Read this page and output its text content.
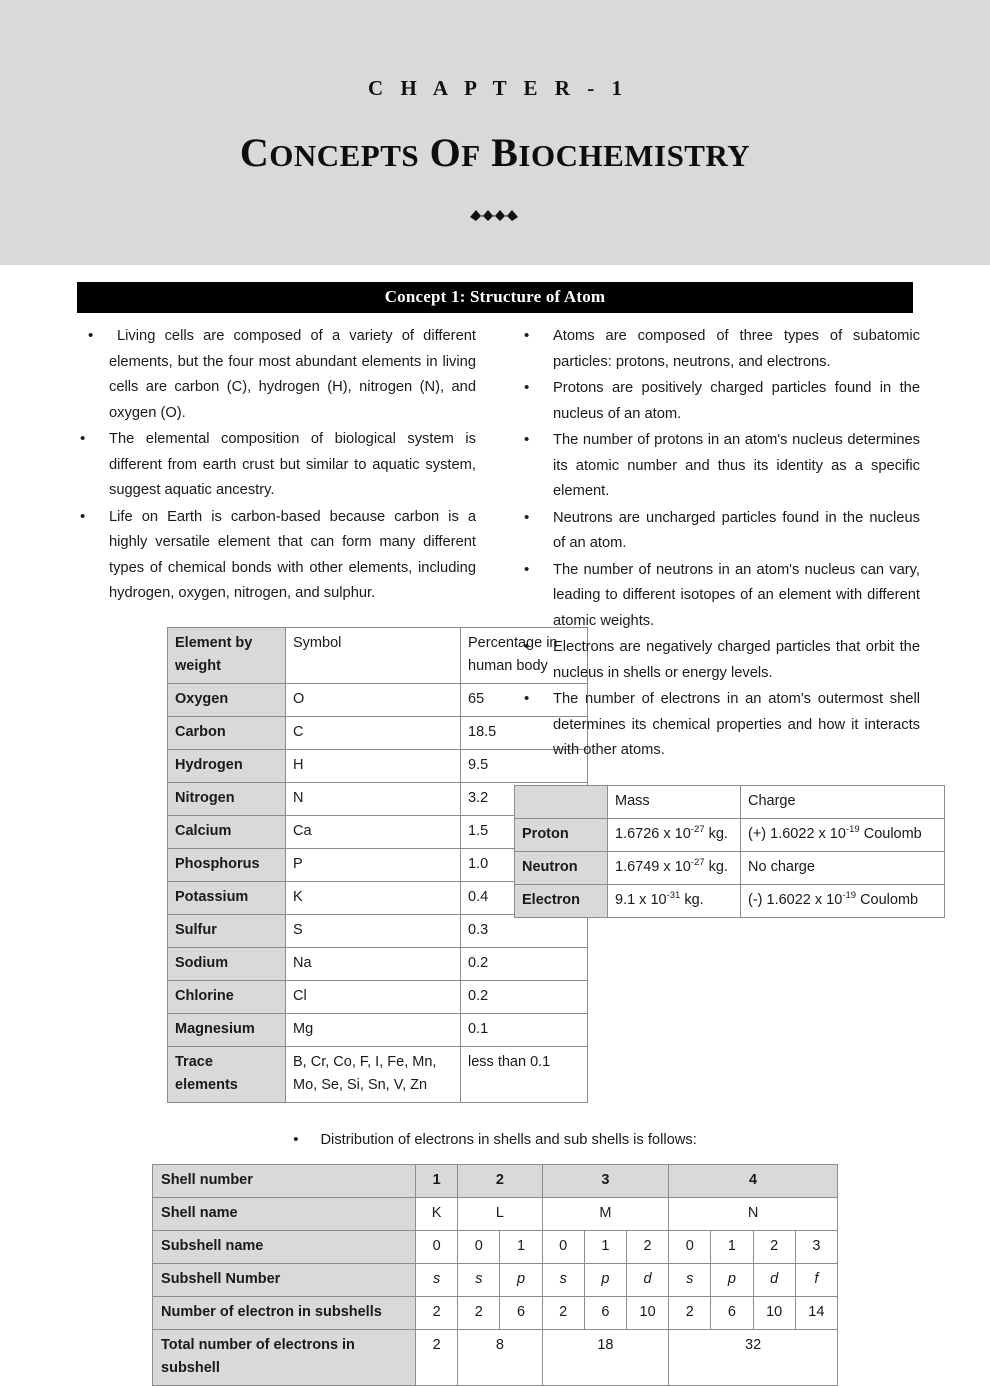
C H A P T E R - 1
CONCEPTS OF BIOCHEMISTRY
Concept 1: Structure of Atom
• Living cells are composed of a variety of different elements, but the four most abundant elements in living cells are carbon (C), hydrogen (H), nitrogen (N), and oxygen (O).
• The elemental composition of biological system is different from earth crust but similar to aquatic system, suggest aquatic ancestry.
• Life on Earth is carbon-based because carbon is a highly versatile element that can form many different types of chemical bonds with other elements, including hydrogen, oxygen, nitrogen, and sulphur.
Element by weight	Symbol	Percentage in human body
Oxygen	O	65
Carbon	C	18.5
Hydrogen	H	9.5
Nitrogen	N	3.2
Calcium	Ca	1.5
Phosphorus	P	1.0
Potassium	K	0.4
Sulfur	S	0.3
Sodium	Na	0.2
Chlorine	Cl	0.2
Magnesium	Mg	0.1
Trace elements	B, Cr, Co, F, I, Fe, Mn, Mo, Se, Si, Sn, V, Zn	less than 0.1
• Atoms are composed of three types of subatomic particles: protons, neutrons, and electrons.
• Protons are positively charged particles found in the nucleus of an atom.
• The number of protons in an atom's nucleus determines its atomic number and thus its identity as a specific element.
• Neutrons are uncharged particles found in the nucleus of an atom.
• The number of neutrons in an atom's nucleus can vary, leading to different isotopes of an element with different atomic weights.
• Electrons are negatively charged particles that orbit the nucleus in shells or energy levels.
• The number of electrons in an atom's outermost shell determines its chemical properties and how it interacts with other atoms.
	Mass	Charge
Proton	1.6726 x $10^{-27}$ kg.	(+) 1.6022 x $10^{-19}$ Coulomb
Neutron	1.6749 x $10^{-27}$ kg.	No charge
Electron	9.1 x $10^{-31}$ kg.	(-) 1.6022 x $10^{-19}$ Coulomb
• Distribution of electrons in shells and sub shells is follows:
Shell number	1	2		3			4			
Shell name	K	L		M			N			
Subshell name	0	0	1	0	1	2	0	1	2	3
Subshell Number	s	s	p	s	p	d	s	p	d	f
Number of electron in subshells	2	2	6	2	6	10	2	6	10	14
Total number of electrons in subshell	2	8		18			32			
